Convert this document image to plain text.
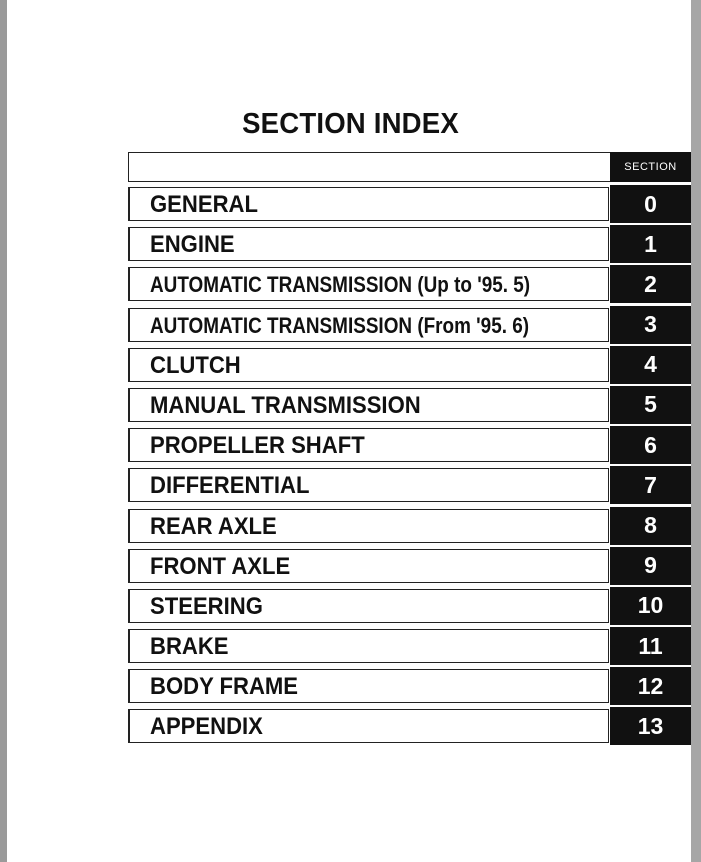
SECTION INDEX
SECTION
GENERAL	0
ENGINE	1
AUTOMATIC TRANSMISSION (Up to '95. 5)	2
AUTOMATIC TRANSMISSION (From '95. 6)	3
CLUTCH	4
MANUAL TRANSMISSION	5
PROPELLER SHAFT	6
DIFFERENTIAL	7
REAR AXLE	8
FRONT AXLE	9
STEERING	10
BRAKE	11
BODY FRAME	12
APPENDIX	13
